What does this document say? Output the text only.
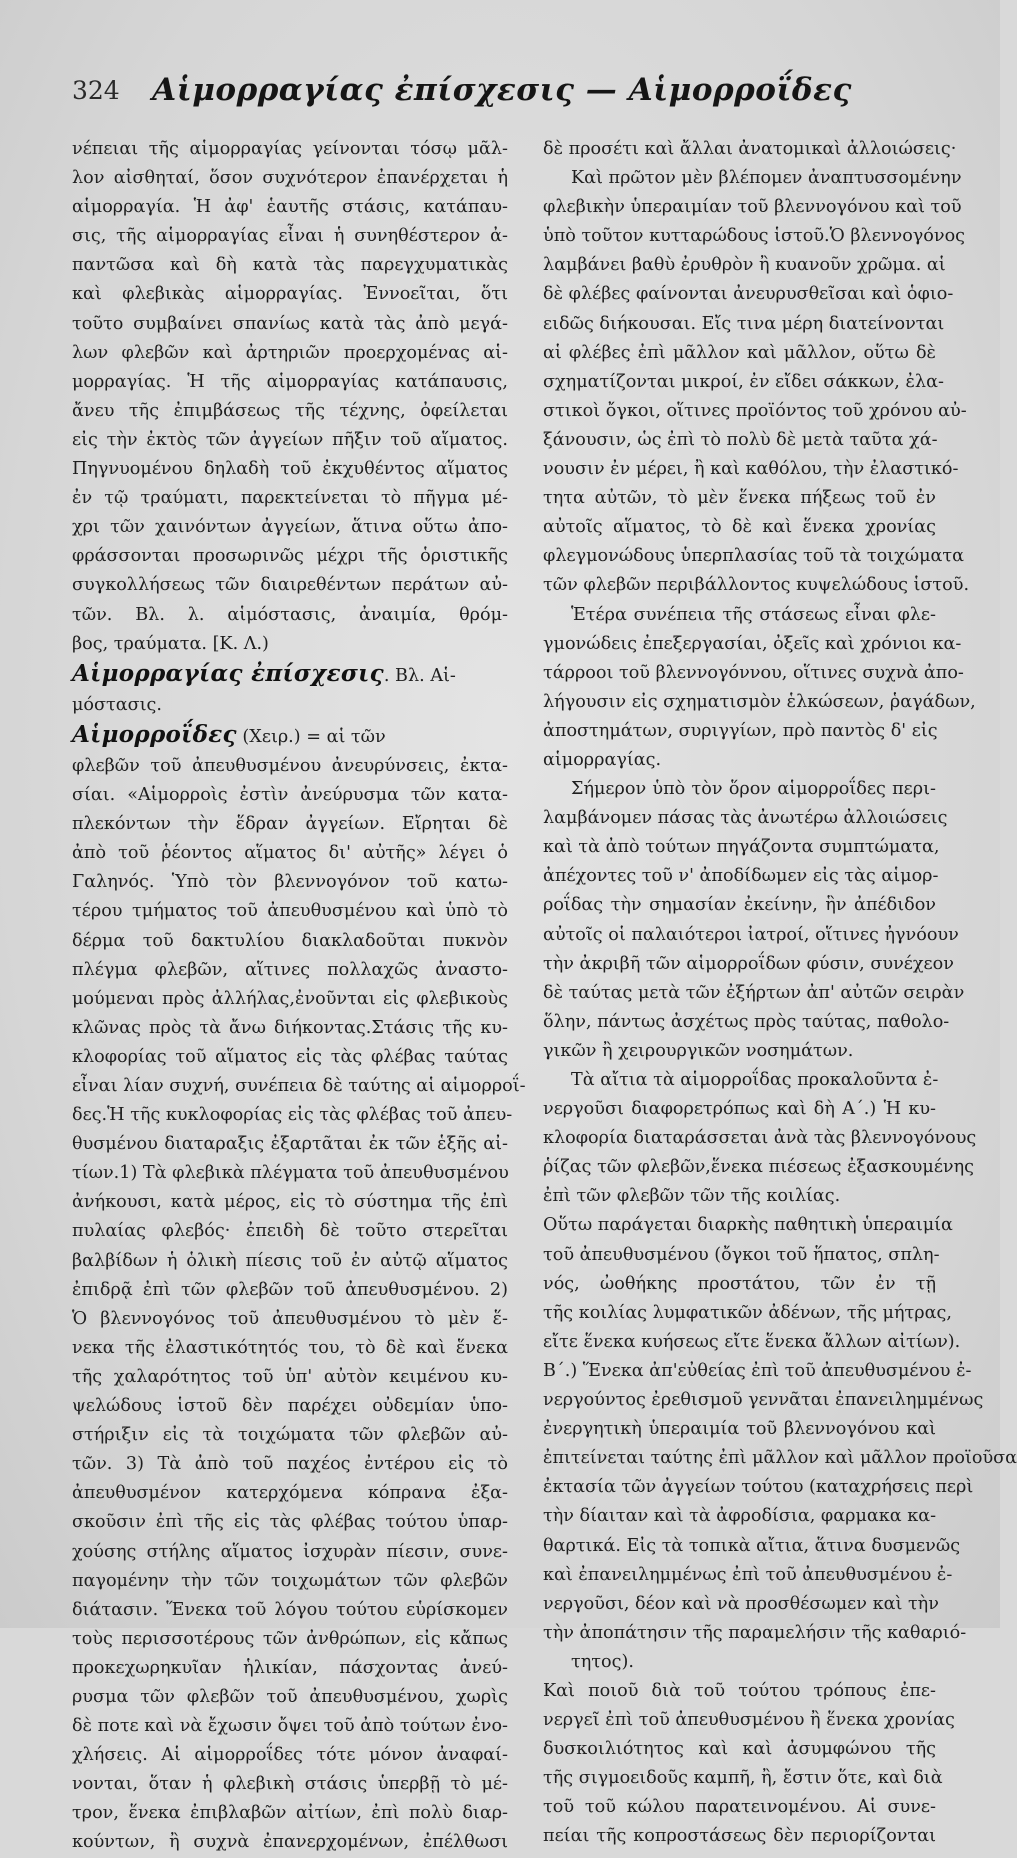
324	Αἱμορραγίας ἐπίσχεσις — Αἱμορροΐδες
νέπειαι τῆς αἱμορραγίας γείνονται τόσῳ μᾶλ-
λον αἰσθηταί, ὅσον συχνότερον ἐπανέρχεται ἡ
αἱμορραγία. Ἡ ἀφ' ἑαυτῆς στάσις, κατάπαυ-
σις, τῆς αἱμορραγίας εἶναι ἡ συνηθέστερον ἀ-
παντῶσα καὶ δὴ κατὰ τὰς παρεγχυματικὰς
καὶ φλεβικὰς αἱμορραγίας. Ἐννοεῖται, ὅτι
τοῦτο συμβαίνει σπανίως κατὰ τὰς ἀπὸ μεγά-
λων φλεβῶν καὶ ἀρτηριῶν προερχομένας αἱ-
μορραγίας. Ἡ τῆς αἱμορραγίας κατάπαυσις,
ἄνευ τῆς ἐπιμβάσεως τῆς τέχνης, ὀφείλεται
εἰς τὴν ἐκτὸς τῶν ἀγγείων πῆξιν τοῦ αἵματος.
Πηγνυομένου δηλαδὴ τοῦ ἐκχυθέντος αἵματος
ἐν τῷ τραύματι, παρεκτείνεται τὸ πῆγμα μέ-
χρι τῶν χαινόντων ἀγγείων, ἅτινα οὕτω ἀπο-
φράσσονται προσωρινῶς μέχρι τῆς ὁριστικῆς
συγκολλήσεως τῶν διαιρεθέντων περάτων αὐ-
τῶν. Βλ. λ. αἱμόστασις, ἀναιμία, θρόμ-
βος, τραύματα. [Κ. Λ.)
Αἱμορραγίας ἐπίσχεσις. Βλ. Αἱ-
μόστασις.
Αἱμορροΐδες (Χειρ.) = αἱ τῶν
φλεβῶν τοῦ ἀπευθυσμένου ἀνευρύνσεις, ἐκτα-
σίαι. «Αἱμορροὶς ἐστὶν ἀνεύρυσμα τῶν κατα-
πλεκόντων τὴν ἕδραν ἀγγείων. Εἴρηται δὲ
ἀπὸ τοῦ ῥέοντος αἵματος δι' αὐτῆς» λέγει ὁ
Γαληνός. Ὑπὸ τὸν βλεννογόνον τοῦ κατω-
τέρου τμήματος τοῦ ἀπευθυσμένου καὶ ὑπὸ τὸ
δέρμα τοῦ δακτυλίου διακλαδοῦται πυκνὸν
πλέγμα φλεβῶν, αἵτινες πολλαχῶς ἀναστο-
μούμεναι πρὸς ἀλλήλας,ἐνοῦνται εἰς φλεβικοὺς
κλῶνας πρὸς τὰ ἄνω διήκοντας.Στάσις τῆς κυ-
κλοφορίας τοῦ αἵματος εἰς τὰς φλέβας ταύτας
εἶναι λίαν συχνή, συνέπεια δὲ ταύτης αἱ αἱμορροΐ-
δες.Ἡ τῆς κυκλοφορίας εἰς τὰς φλέβας τοῦ ἀπευ-
θυσμένου διαταραξις ἐξαρτᾶται ἐκ τῶν ἑξῆς αἰ-
τίων.1) Τὰ φλεβικὰ πλέγματα τοῦ ἀπευθυσμένου
ἀνήκουσι, κατὰ μέρος, εἰς τὸ σύστημα τῆς ἐπὶ
πυλαίας φλεβός· ἐπειδὴ δὲ τοῦτο στερεῖται
βαλβίδων ἡ ὁλικὴ πίεσις τοῦ ἐν αὐτῷ αἵματος
ἐπιδρᾷ ἐπὶ τῶν φλεβῶν τοῦ ἀπευθυσμένου. 2)
Ὁ βλεννογόνος τοῦ ἀπευθυσμένου τὸ μὲν ἕ-
νεκα τῆς ἐλαστικότητός του, τὸ δὲ καὶ ἕνεκα
τῆς χαλαρότητος τοῦ ὑπ' αὐτὸν κειμένου κυ-
ψελώδους ἱστοῦ δὲν παρέχει οὐδεμίαν ὑπο-
στήριξιν εἰς τὰ τοιχώματα τῶν φλεβῶν αὐ-
τῶν. 3) Τὰ ἀπὸ τοῦ παχέος ἐντέρου εἰς τὸ
ἀπευθυσμένον κατερχόμενα κόπρανα ἐξα-
σκοῦσιν ἐπὶ τῆς εἰς τὰς φλέβας τούτου ὑπαρ-
χούσης στήλης αἵματος ἰσχυρὰν πίεσιν, συνε-
παγομένην τὴν τῶν τοιχωμάτων τῶν φλεβῶν
διάτασιν. Ἕνεκα τοῦ λόγου τούτου εὑρίσκομεν
τοὺς περισσοτέρους τῶν ἀνθρώπων, εἰς κἄπως
προκεχωρηκυῖαν ἡλικίαν, πάσχοντας ἀνεύ-
ρυσμα τῶν φλεβῶν τοῦ ἀπευθυσμένου, χωρὶς
δὲ ποτε καὶ νὰ ἔχωσιν ὄψει τοῦ ἀπὸ τούτων ἐνο-
χλήσεις. Αἱ αἱμορροΐδες τότε μόνον ἀναφαί-
νονται, ὅταν ἡ φλεβικὴ στάσις ὑπερβῇ τὸ μέ-
τρον, ἕνεκα ἐπιβλαβῶν αἰτίων, ἐπὶ πολὺ διαρ-
κούντων, ἢ συχνὰ ἐπανερχομένων, ἐπέλθωσι
δὲ προσέτι καὶ ἄλλαι ἀνατομικαὶ ἀλλοιώσεις·
Καὶ πρῶτον μὲν βλέπομεν ἀναπτυσσομένην
φλεβικὴν ὑπεραιμίαν τοῦ βλεννογόνου καὶ τοῦ
ὑπὸ τοῦτον κυτταρώδους ἱστοῦ.Ὁ βλεννογόνος
λαμβάνει βαθὺ ἐρυθρὸν ἢ κυανοῦν χρῶμα. αἱ
δὲ φλέβες φαίνονται ἀνευρυσθεῖσαι καὶ ὁφιο-
ειδῶς διήκουσαι. Εἴς τινα μέρη διατείνονται
αἱ φλέβες ἐπὶ μᾶλλον καὶ μᾶλλον, οὕτω δὲ
σχηματίζονται μικροί, ἐν εἴδει σάκκων, ἐλα-
στικοὶ ὄγκοι, οἵτινες προϊόντος τοῦ χρόνου αὐ-
ξάνουσιν, ὡς ἐπὶ τὸ πολὺ δὲ μετὰ ταῦτα χά-
νουσιν ἐν μέρει, ἢ καὶ καθόλου, τὴν ἐλαστικό-
τητα αὐτῶν, τὸ μὲν ἕνεκα πήξεως τοῦ ἐν
αὐτοῖς αἵματος, τὸ δὲ καὶ ἕνεκα χρονίας
φλεγμονώδους ὑπερπλασίας τοῦ τὰ τοιχώματα
τῶν φλεβῶν περιβάλλοντος κυψελώδους ἱστοῦ.
Ἑτέρα συνέπεια τῆς στάσεως εἶναι φλε-
γμονώδεις ἐπεξεργασίαι, ὀξεῖς καὶ χρόνιοι κα-
τάρροοι τοῦ βλεννογόννου, οἵτινες συχνὰ ἀπο-
λήγουσιν εἰς σχηματισμὸν ἑλκώσεων, ῥαγάδων,
ἀποστημάτων, συριγγίων, πρὸ παντὸς δ' εἰς
αἱμορραγίας.
Σήμερον ὑπὸ τὸν ὅρον αἱμορροΐδες περι-
λαμβάνομεν πάσας τὰς ἀνωτέρω ἀλλοιώσεις
καὶ τὰ ἀπὸ τούτων πηγάζοντα συμπτώματα,
ἀπέχοντες τοῦ ν' ἀποδίδωμεν εἰς τὰς αἱμορ-
ροΐδας τὴν σημασίαν ἐκείνην, ἣν ἀπέδιδον
αὐτοῖς οἱ παλαιότεροι ἰατροί, οἵτινες ἠγνόουν
τὴν ἀκριβῆ τῶν αἱμορροΐδων φύσιν, συνέχεον
δὲ ταύτας μετὰ τῶν ἐξήρτων ἀπ' αὐτῶν σειρὰν
ὅλην, πάντως ἀσχέτως πρὸς ταύτας, παθολο-
γικῶν ἢ χειρουργικῶν νοσημάτων.
Τὰ αἴτια τὰ αἱμορροΐδας προκαλοῦντα ἐ-
νεργοῦσι διαφορετρόπως καὶ δὴ Α΄.) Ἡ κυ-
κλοφορία διαταράσσεται ἀνὰ τὰς βλεννογόνους
ῥίζας τῶν φλεβῶν,ἕνεκα πιέσεως ἐξασκουμένης
ἐπὶ τῶν φλεβῶν τῶν τῆς κοιλίας.
Οὕτω παράγεται διαρκὴς παθητικὴ ὑπεραιμία
τοῦ ἀπευθυσμένου (ὄγκοι τοῦ ἥπατος, σπλη-
νός, ὠοθήκης προστάτου, τῶν ἐν τῇ
τῆς κοιλίας λυμφατικῶν ἀδένων, τῆς μήτρας,
εἴτε ἕνεκα κυήσεως εἴτε ἕνεκα ἄλλων αἰτίων).
Β΄.) Ἕνεκα ἀπ'εὐθείας ἐπὶ τοῦ ἀπευθυσμένου ἐ-
νεργούντος ἐρεθισμοῦ γεννᾶται ἐπανειλημμένως
ἐνεργητικὴ ὑπεραιμία τοῦ βλεννογόνου καὶ
ἐπιτείνεται ταύτης ἐπὶ μᾶλλον καὶ μᾶλλον προϊοῦσα
ἐκτασία τῶν ἀγγείων τούτου (καταχρήσεις περὶ
τὴν δίαιταν καὶ τὰ ἀφροδίσια, φαρμακα κα-
θαρτικά. Εἰς τὰ τοπικὰ αἴτια, ἅτινα δυσμενῶς
καὶ ἐπανειλημμένως ἐπὶ τοῦ ἀπευθυσμένου ἐ-
νεργοῦσι, δέον καὶ νὰ προσθέσωμεν καὶ τὴν
τὴν ἀποπάτησιν τῆς παραμελήσιν τῆς καθαριό-
τητος).
Καὶ ποιοῦ διὰ τοῦ τούτου τρόπους ἐπε-
νεργεῖ ἐπὶ τοῦ ἀπευθυσμένου ἢ ἕνεκα χρονίας
δυσκοιλιότητος καὶ καὶ ἀσυμφώνου τῆς
τῆς σιγμοειδοῦς καμπῆ, ἢ, ἔστιν ὅτε, καὶ διὰ
τοῦ τοῦ κώλου παρατεινομένου. Αἱ συνε-
πείαι τῆς κοπροστάσεως δὲν περιορίζονται
